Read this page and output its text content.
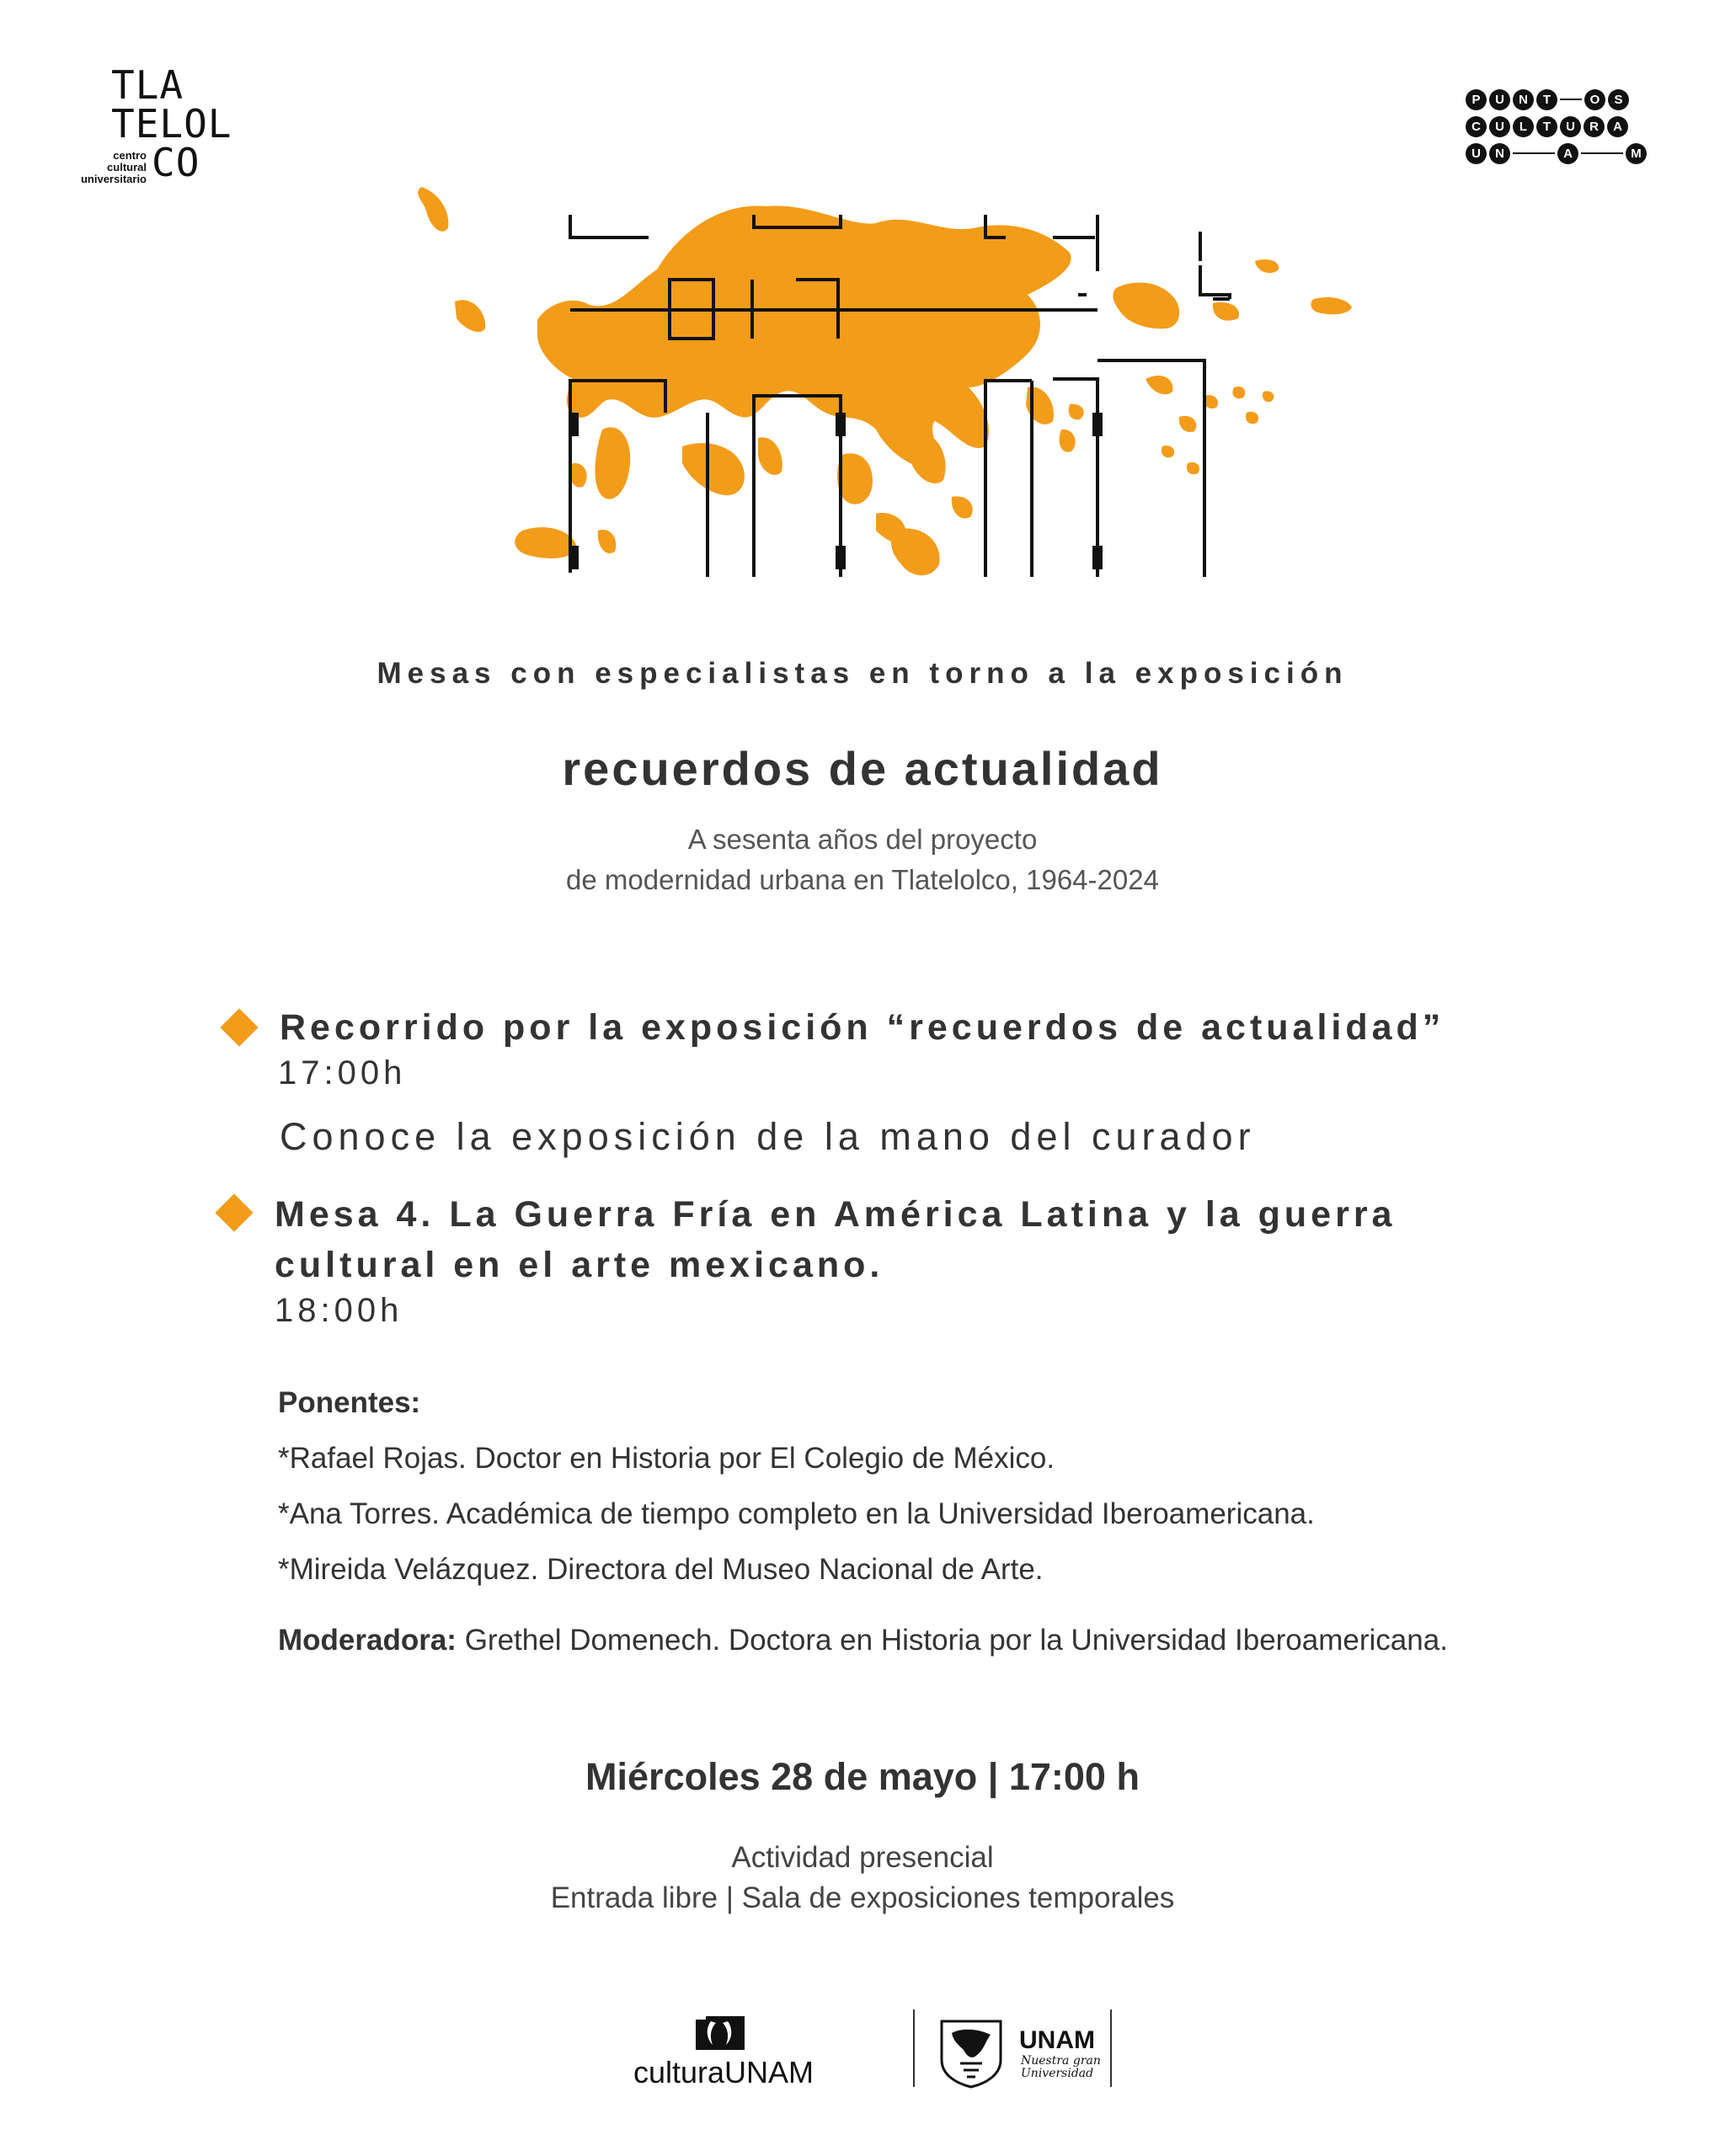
TLA
TELOL
CO
centro
cultural
universitario
P	U	N	T	O	S
C	U	L	T	U	R	A
U	N	A	M
Mesas con especialistas en torno a la exposición
recuerdos de actualidad
A sesenta años del proyecto
de modernidad urbana en Tlatelolco, 1964-2024
Recorrido por la exposición “recuerdos de actualidad”
17:00h
Conoce la exposición de la mano del curador
Mesa 4. La Guerra Fría en América Latina y la guerra
cultural en el arte mexicano.
18:00h
Ponentes:
*Rafael Rojas. Doctor en Historia por El Colegio de México.
*Ana Torres. Académica de tiempo completo en la Universidad Iberoamericana.
*Mireida Velázquez. Directora del Museo Nacional de Arte.
Moderadora: Grethel Domenech. Doctora en Historia por la Universidad Iberoamericana.
Miércoles 28 de mayo | 17:00 h
Actividad presencial
Entrada libre | Sala de exposiciones temporales
culturaUNAM
UNAM
Nuestra gran
Universidad
